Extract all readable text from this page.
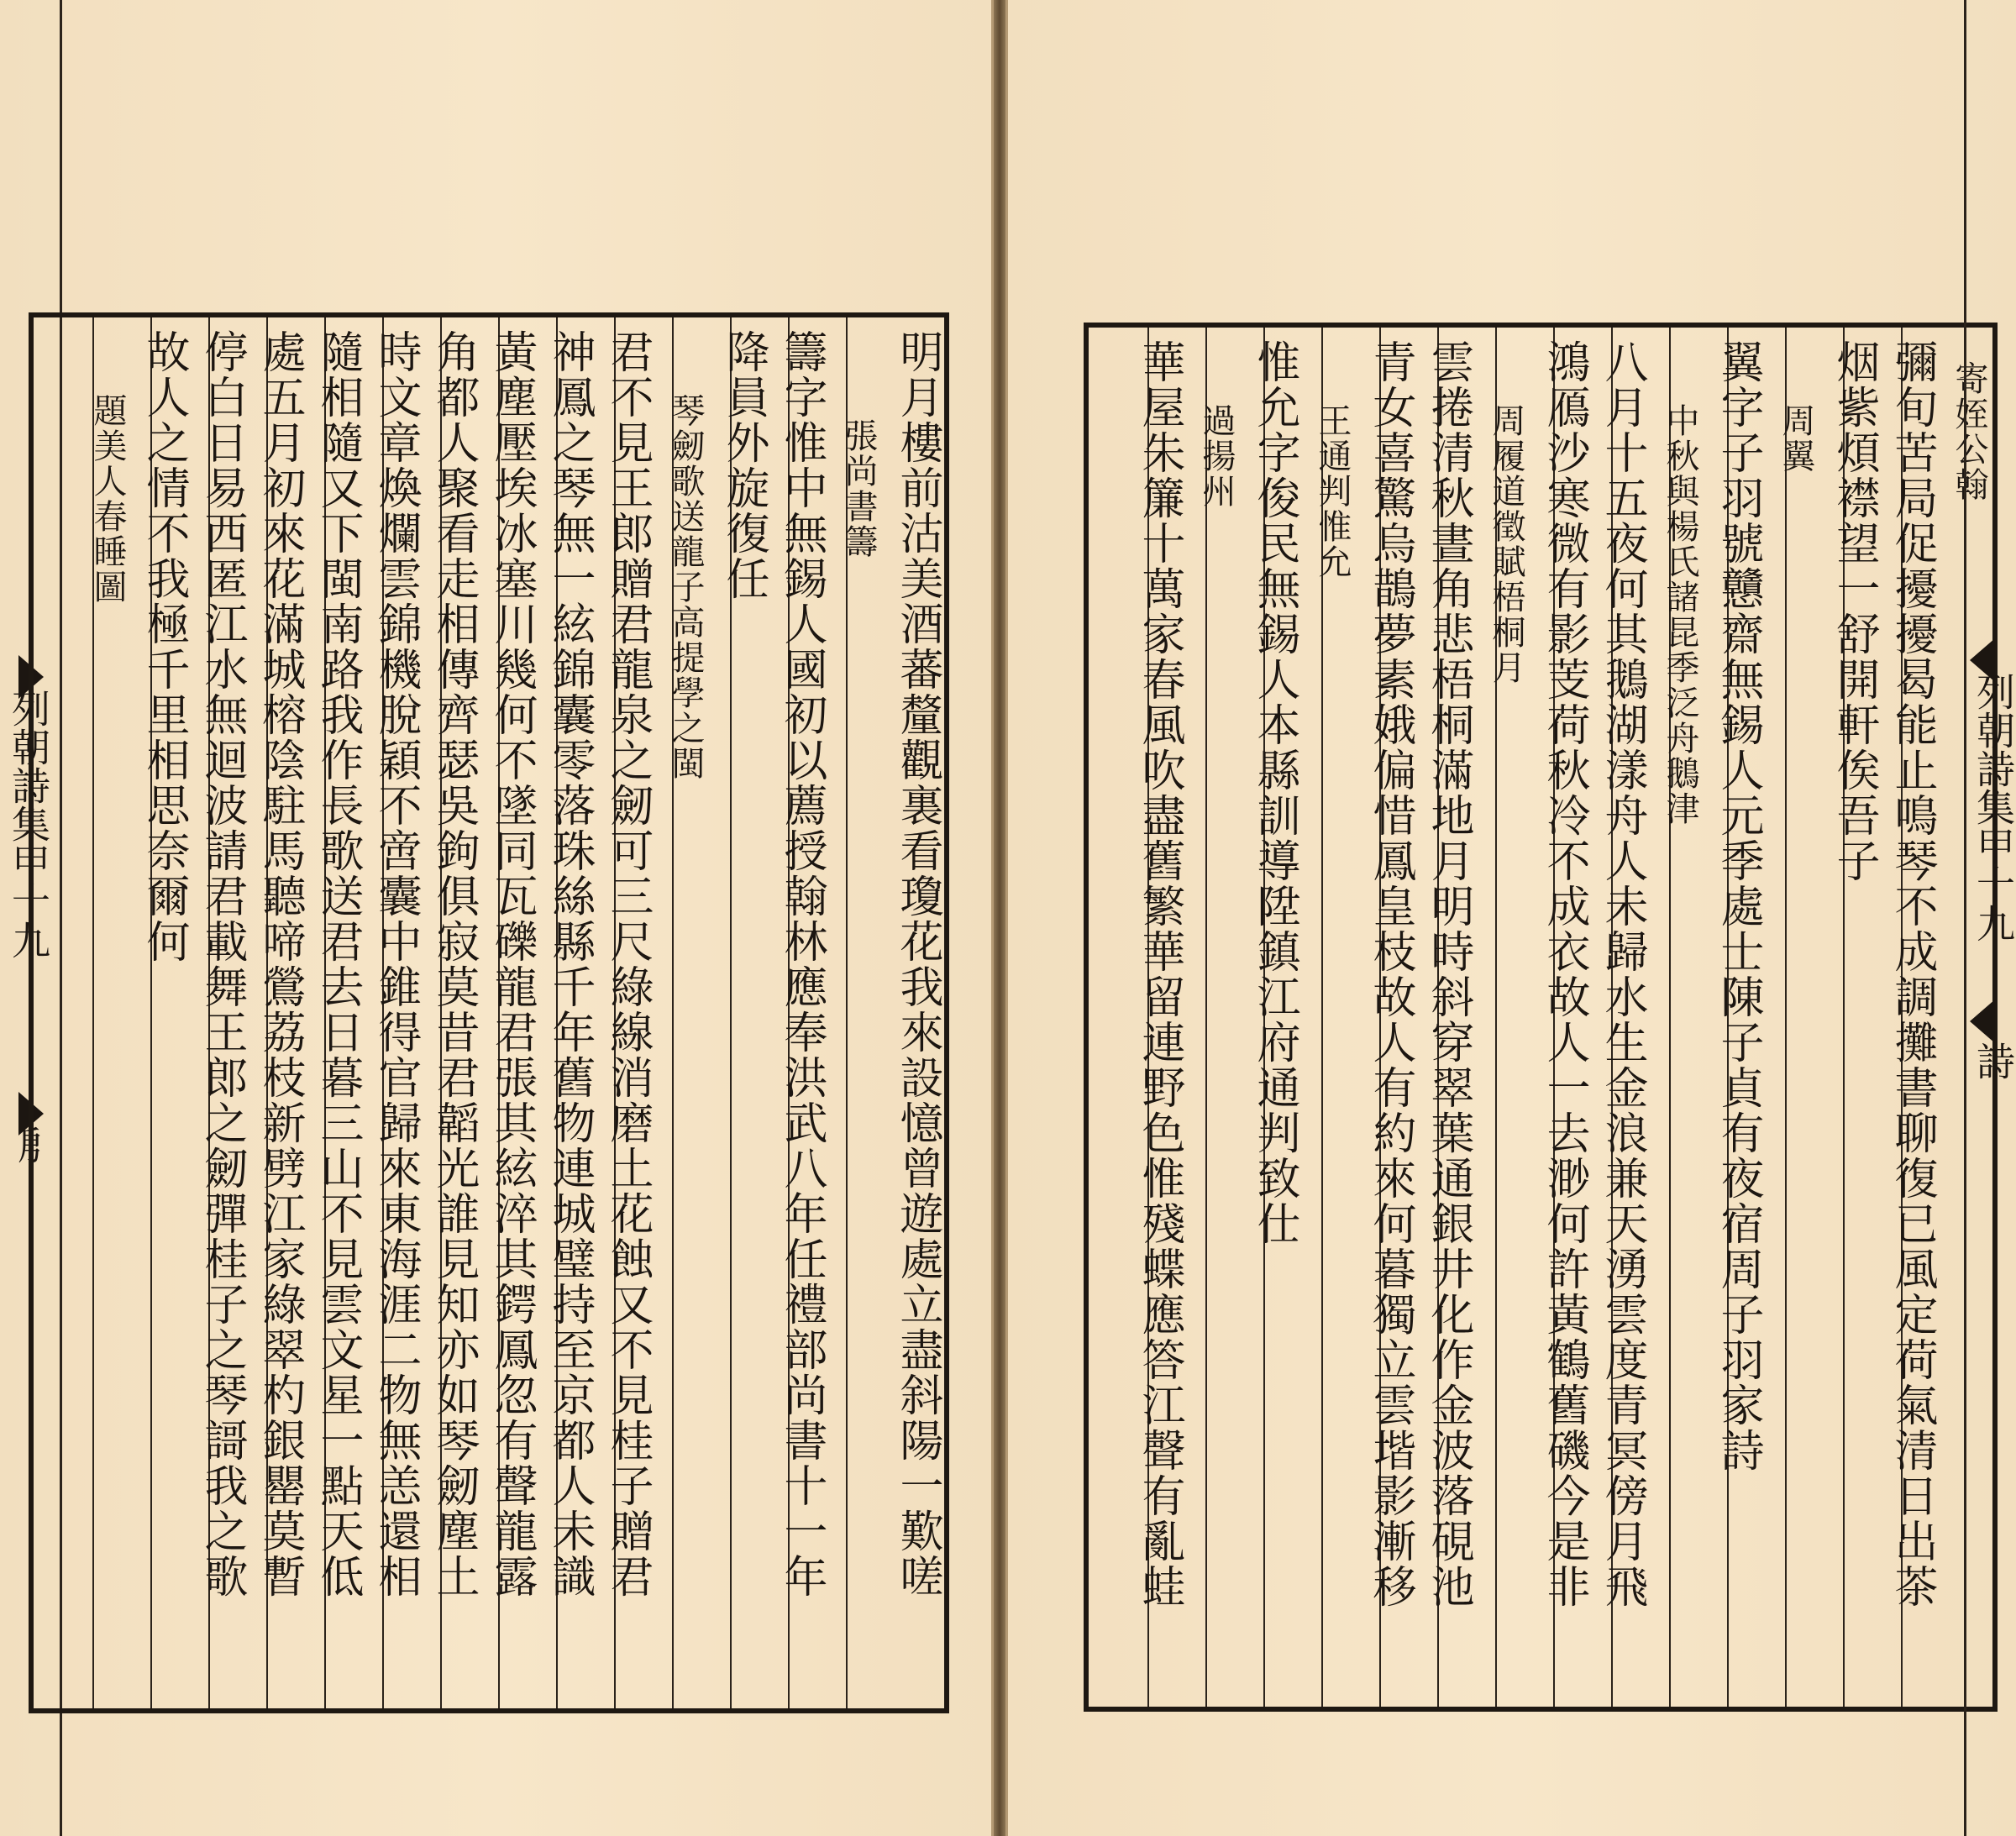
列朝詩集甲十九
㐆	明月樓前沽美酒蕃釐觀裏看瓊花我來設憶曾遊處立盡斜陽一歎嗟
張尚書籌
籌字惟中無錫人國初以薦授翰林應奉洪武八年任禮部尚書十一年
降員外旋復任
琴劒歌送龍子高提學之閩
君不見王郎贈君龍泉之劒可三尺綠線消磨土花蝕又不見桂子贈君
神鳳之琴無一絃錦囊零落珠絲縣千年舊物連城璧持至京都人未識
黃塵壓埃冰塞川幾何不墜同瓦礫龍君張其絃淬其鍔鳳忽有聲龍露
角都人聚看走相傳齊瑟吳鉤俱寂莫昔君韜光誰見知亦如琴劒塵土
時文章煥爛雲錦機脫穎不啻囊中錐得官歸來東海涯二物無恙還相
隨相隨又下閩南路我作長歌送君去日暮三山不見雲文星一點天低
處五月初來花滿城榕陰駐馬聽啼鶯荔枝新劈江家綠翠杓銀罌莫暫
停白日易西匿江水無迴波請君載舞王郎之劒彈桂子之琴謌我之歌
故人之情不我極千里相思奈爾何
題美人春睡圖	寄姪公翰
彌旬苦局促擾擾曷能止鳴琴不成調攤書聊復已風定荷氣清日出茶
烟紫煩襟望一舒開軒俟吾子
周翼
翼字子羽號戇齋無錫人元季處士陳子貞有夜宿周子羽家詩
中秋與楊氏諸昆季泛舟鵝津
八月十五夜何其鵝湖漾舟人未歸水生金浪兼天湧雲度青冥傍月飛
鴻鴈沙寒微有影芰荷秋冷不成衣故人一去渺何許黃鶴舊磯今是非
周履道徵賦梧桐月
雲捲清秋晝角悲梧桐滿地月明時斜穿翠葉通銀井化作金波落硯池
青女喜驚烏鵲夢素娥偏惜鳳皇枝故人有約來何暮獨立雲堦影漸移
王通判惟允
惟允字俊民無錫人本縣訓導陞鎮江府通判致仕
過揚州
華屋朱簾十萬家春風吹盡舊繁華留連野色惟殘蝶應答江聲有亂蛙	列朝詩集甲十九
詩
